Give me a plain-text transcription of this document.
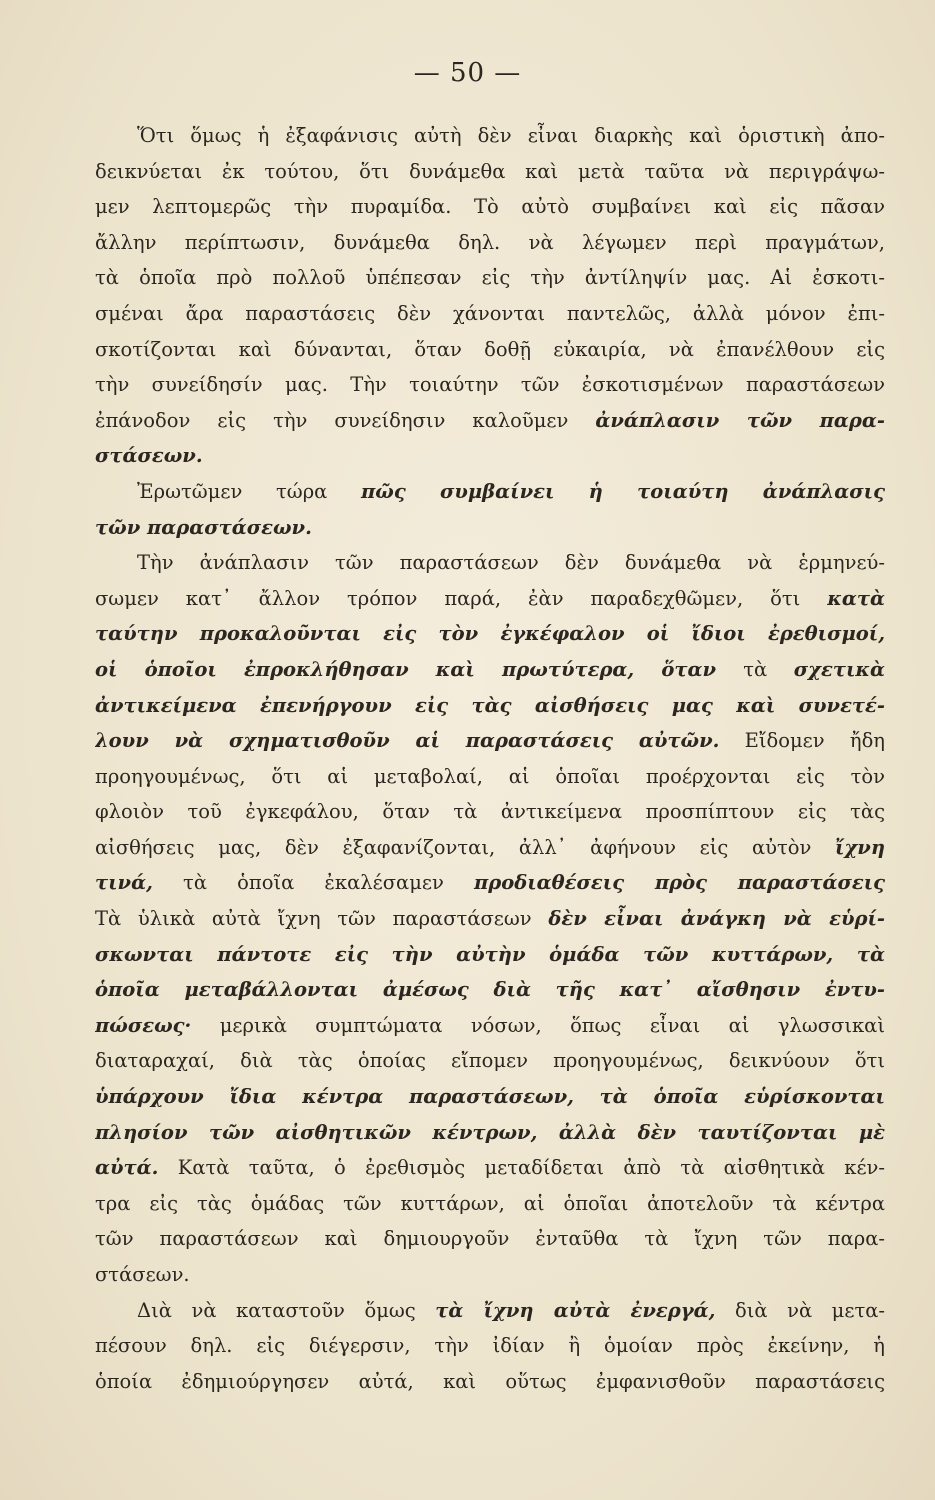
— 50 —
Ὅτι ὅμως ἡ ἐξαφάνισις αὐτὴ δὲν εἶναι διαρκὴς καὶ ὁριστικὴ ἀπο-
δεικνύεται ἐκ τούτου, ὅτι δυνάμεθα καὶ μετὰ ταῦτα νὰ περιγράψω-
μεν λεπτομερῶς τὴν πυραμίδα. Τὸ αὐτὸ συμβαίνει καὶ εἰς πᾶσαν
ἄλλην περίπτωσιν, δυνάμεθα δηλ. νὰ λέγωμεν περὶ πραγμάτων,
τὰ ὁποῖα πρὸ πολλοῦ ὑπέπεσαν εἰς τὴν ἀντίληψίν μας. Αἱ ἐσκοτι-
σμέναι ἄρα παραστάσεις δὲν χάνονται παντελῶς, ἀλλὰ μόνον ἐπι-
σκοτίζονται καὶ δύνανται, ὅταν δοθῇ εὐκαιρία, νὰ ἐπανέλθουν εἰς
τὴν συνείδησίν μας. Τὴν τοιαύτην τῶν ἐσκοτισμένων παραστάσεων
ἐπάνοδον εἰς τὴν συνείδησιν καλοῦμεν ἀνάπλασιν τῶν παρα-
στάσεων.
Ἐρωτῶμεν τώρα πῶς συμβαίνει ἡ τοιαύτη ἀνάπλασις
τῶν παραστάσεων.
Τὴν ἀνάπλασιν τῶν παραστάσεων δὲν δυνάμεθα νὰ ἑρμηνεύ-
σωμεν κατ᾽ ἄλλον τρόπον παρά, ἐὰν παραδεχθῶμεν, ὅτι κατὰ
ταύτην προκαλοῦνται εἰς τὸν ἐγκέφαλον οἱ ἴδιοι ἐρεθισμοί,
οἱ ὁποῖοι ἐπροκλήθησαν καὶ πρωτύτερα, ὅταν τὰ σχετικὰ
ἀντικείμενα ἐπενήργουν εἰς τὰς αἰσθήσεις μας καὶ συνετέ-
λουν νὰ σχηματισθοῦν αἱ παραστάσεις αὐτῶν. Εἴδομεν ἤδη
προηγουμένως, ὅτι αἱ μεταβολαί, αἱ ὁποῖαι προέρχονται εἰς τὸν
φλοιὸν τοῦ ἐγκεφάλου, ὅταν τὰ ἀντικείμενα προσπίπτουν εἰς τὰς
αἰσθήσεις μας, δὲν ἐξαφανίζονται, ἀλλ᾽ ἀφήνουν εἰς αὐτὸν ἴχνη
τινά, τὰ ὁποῖα ἐκαλέσαμεν προδιαθέσεις πρὸς παραστάσεις
Τὰ ὑλικὰ αὐτὰ ἴχνη τῶν παραστάσεων δὲν εἶναι ἀνάγκη νὰ εὑρί-
σκωνται πάντοτε εἰς τὴν αὐτὴν ὁμάδα τῶν κυττάρων, τὰ
ὁποῖα μεταβάλλονται ἀμέσως διὰ τῆς κατ᾽ αἴσθησιν ἐντυ-
πώσεως· μερικὰ συμπτώματα νόσων, ὅπως εἶναι αἱ γλωσσικαὶ
διαταραχαί, διὰ τὰς ὁποίας εἴπομεν προηγουμένως, δεικνύουν ὅτι
ὑπάρχουν ἴδια κέντρα παραστάσεων, τὰ ὁποῖα εὑρίσκονται
πλησίον τῶν αἰσθητικῶν κέντρων, ἀλλὰ δὲν ταυτίζονται μὲ
αὐτά. Κατὰ ταῦτα, ὁ ἐρεθισμὸς μεταδίδεται ἀπὸ τὰ αἰσθητικὰ κέν-
τρα εἰς τὰς ὁμάδας τῶν κυττάρων, αἱ ὁποῖαι ἀποτελοῦν τὰ κέντρα
τῶν παραστάσεων καὶ δημιουργοῦν ἐνταῦθα τὰ ἴχνη τῶν παρα-
στάσεων.
Διὰ νὰ καταστοῦν ὅμως τὰ ἴχνη αὐτὰ ἐνεργά, διὰ νὰ μετα-
πέσουν δηλ. εἰς διέγερσιν, τὴν ἰδίαν ἢ ὁμοίαν πρὸς ἐκείνην, ἡ
ὁποία ἐδημιούργησεν αὐτά, καὶ οὕτως ἐμφανισθοῦν παραστάσεις
